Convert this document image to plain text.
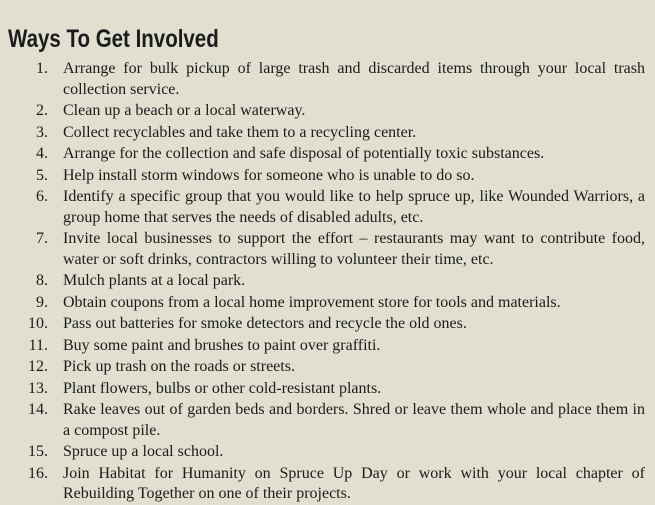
Ways To Get Involved
1. Arrange for bulk pickup of large trash and discarded items through your local trash collection service.
2. Clean up a beach or a local waterway.
3. Collect recyclables and take them to a recycling center.
4. Arrange for the collection and safe disposal of potentially toxic substances.
5. Help install storm windows for someone who is unable to do so.
6. Identify a specific group that you would like to help spruce up, like Wounded Warriors, a group home that serves the needs of disabled adults, etc.
7. Invite local businesses to support the effort – restaurants may want to contribute food, water or soft drinks, contractors willing to volunteer their time, etc.
8. Mulch plants at a local park.
9. Obtain coupons from a local home improvement store for tools and materials.
10. Pass out batteries for smoke detectors and recycle the old ones.
11. Buy some paint and brushes to paint over graffiti.
12. Pick up trash on the roads or streets.
13. Plant flowers, bulbs or other cold-resistant plants.
14. Rake leaves out of garden beds and borders. Shred or leave them whole and place them in a compost pile.
15. Spruce up a local school.
16. Join Habitat for Humanity on Spruce Up Day or work with your local chapter of Rebuilding Together on one of their projects.
